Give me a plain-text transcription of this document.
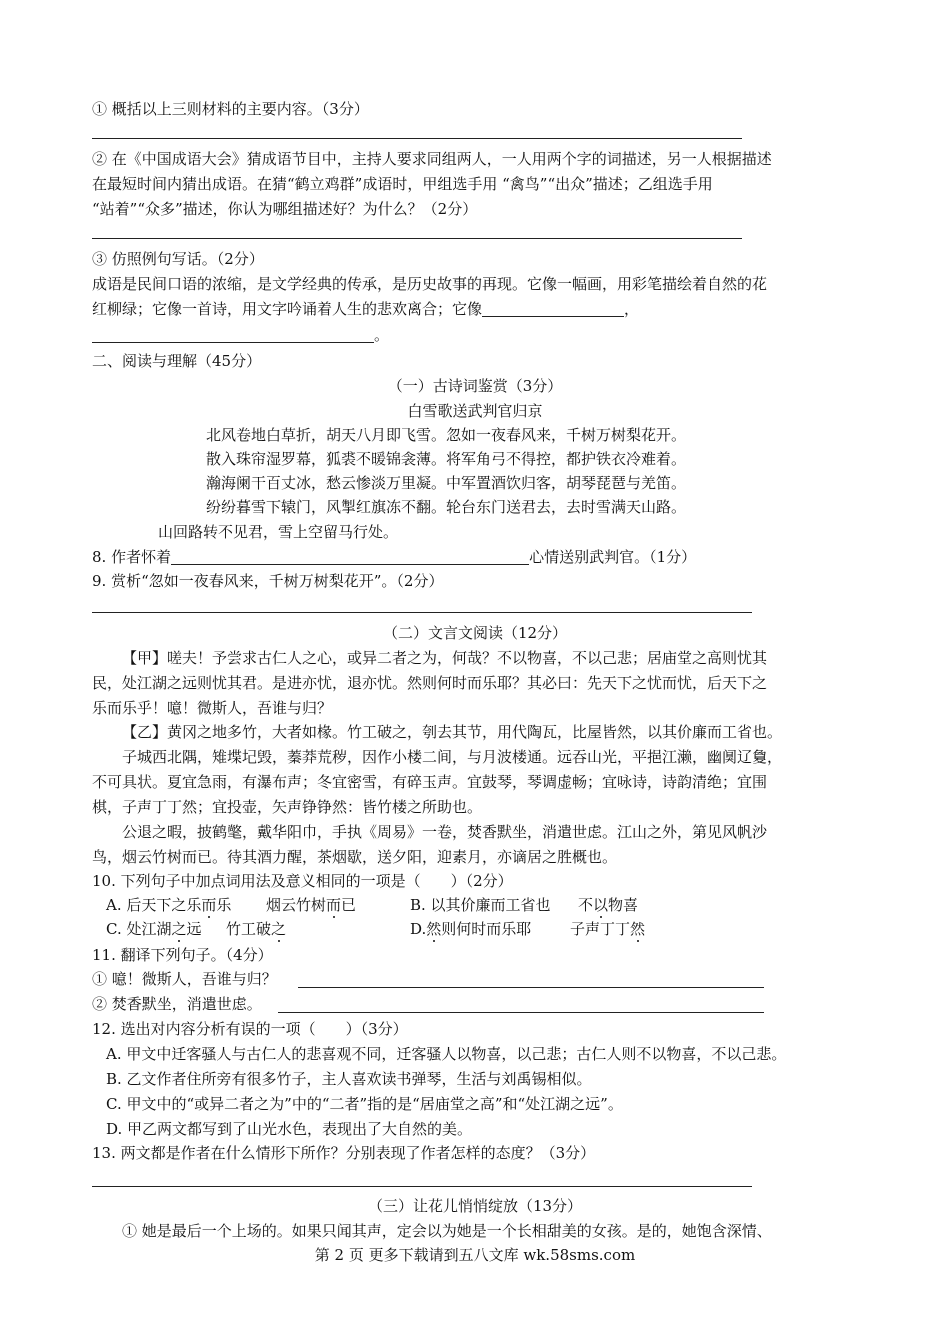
① 概括以上三则材料的主要内容。（3分）
② 在《中国成语大会》猜成语节目中，主持人要求同组两人，一人用两个字的词描述，另一人根据描述
在最短时间内猜出成语。在猜“鹤立鸡群”成语时，甲组选手用 “禽鸟”“出众”描述；乙组选手用
“站着”“众多”描述，你认为哪组描述好？为什么？（2分）
③ 仿照例句写话。（2分）
成语是民间口语的浓缩，是文学经典的传承，是历史故事的再现。它像一幅画，用彩笔描绘着自然的花
红柳绿；它像一首诗，用文字吟诵着人生的悲欢离合；它像	，
。
二、阅读与理解（45分）
（一）古诗词鉴赏（3分）
白雪歌送武判官归京
北风卷地白草折，胡天八月即飞雪。忽如一夜春风来，千树万树梨花开。
散入珠帘湿罗幕，狐裘不暖锦衾薄。将军角弓不得控，都护铁衣冷难着。
瀚海阑干百丈冰，愁云惨淡万里凝。中军置酒饮归客，胡琴琵琶与羌笛。
纷纷暮雪下辕门，风掣红旗冻不翻。轮台东门送君去，去时雪满天山路。
山回路转不见君，雪上空留马行处。
8. 作者怀着	心情送别武判官。（1分）
9. 赏析“忽如一夜春风来，千树万树梨花开”。（2分）
（二）文言文阅读（12分）
【甲】嗟夫！予尝求古仁人之心，或异二者之为，何哉？不以物喜，不以己悲；居庙堂之高则忧其
民，处江湖之远则忧其君。是进亦忧，退亦忧。然则何时而乐耶？其必曰：先天下之忧而忧，后天下之
乐而乐乎！噫！微斯人，吾谁与归？
【乙】黄冈之地多竹，大者如椽。竹工破之，刳去其节，用代陶瓦，比屋皆然，以其价廉而工省也。
子城西北隅，雉堞圮毁，蓁莽荒秽，因作小楼二间，与月波楼通。远吞山光，平挹江濑，幽阒辽敻，
不可具状。夏宜急雨，有瀑布声；冬宜密雪，有碎玉声。宜鼓琴，琴调虚畅；宜咏诗，诗韵清绝；宜围
棋，子声丁丁然；宜投壶，矢声铮铮然：皆竹楼之所助也。
公退之暇，披鹤氅，戴华阳巾，手执《周易》一卷，焚香默坐，消遣世虑。江山之外，第见风帆沙
鸟，烟云竹树而已。待其酒力醒，茶烟歇，送夕阳，迎素月，亦谪居之胜概也。
10. 下列句子中加点词用法及意义相同的一项是（　　）（2分）
A. 后天下之乐而乐 烟云竹树而已	B. 以其价廉而工省也 不以物喜
C. 处江湖之远 竹工破之	D.然则何时而乐耶	子声丁丁然
11. 翻译下列句子。（4分）
① 噫！微斯人，吾谁与归？
② 焚香默坐，消遣世虑。
12. 选出对内容分析有误的一项（　　）（3分）
A. 甲文中迁客骚人与古仁人的悲喜观不同，迁客骚人以物喜，以己悲；古仁人则不以物喜，不以己悲。
B. 乙文作者住所旁有很多竹子，主人喜欢读书弹琴，生活与刘禹锡相似。
C. 甲文中的“或异二者之为”中的“二者”指的是“居庙堂之高”和“处江湖之远”。
D. 甲乙两文都写到了山光水色，表现出了大自然的美。
13. 两文都是作者在什么情形下所作？分别表现了作者怎样的态度？（3分）
（三）让花儿悄悄绽放（13分）
① 她是最后一个上场的。如果只闻其声，定会以为她是一个长相甜美的女孩。是的，她饱含深情、
第 2 页 更多下载请到五八文库 wk.58sms.com
